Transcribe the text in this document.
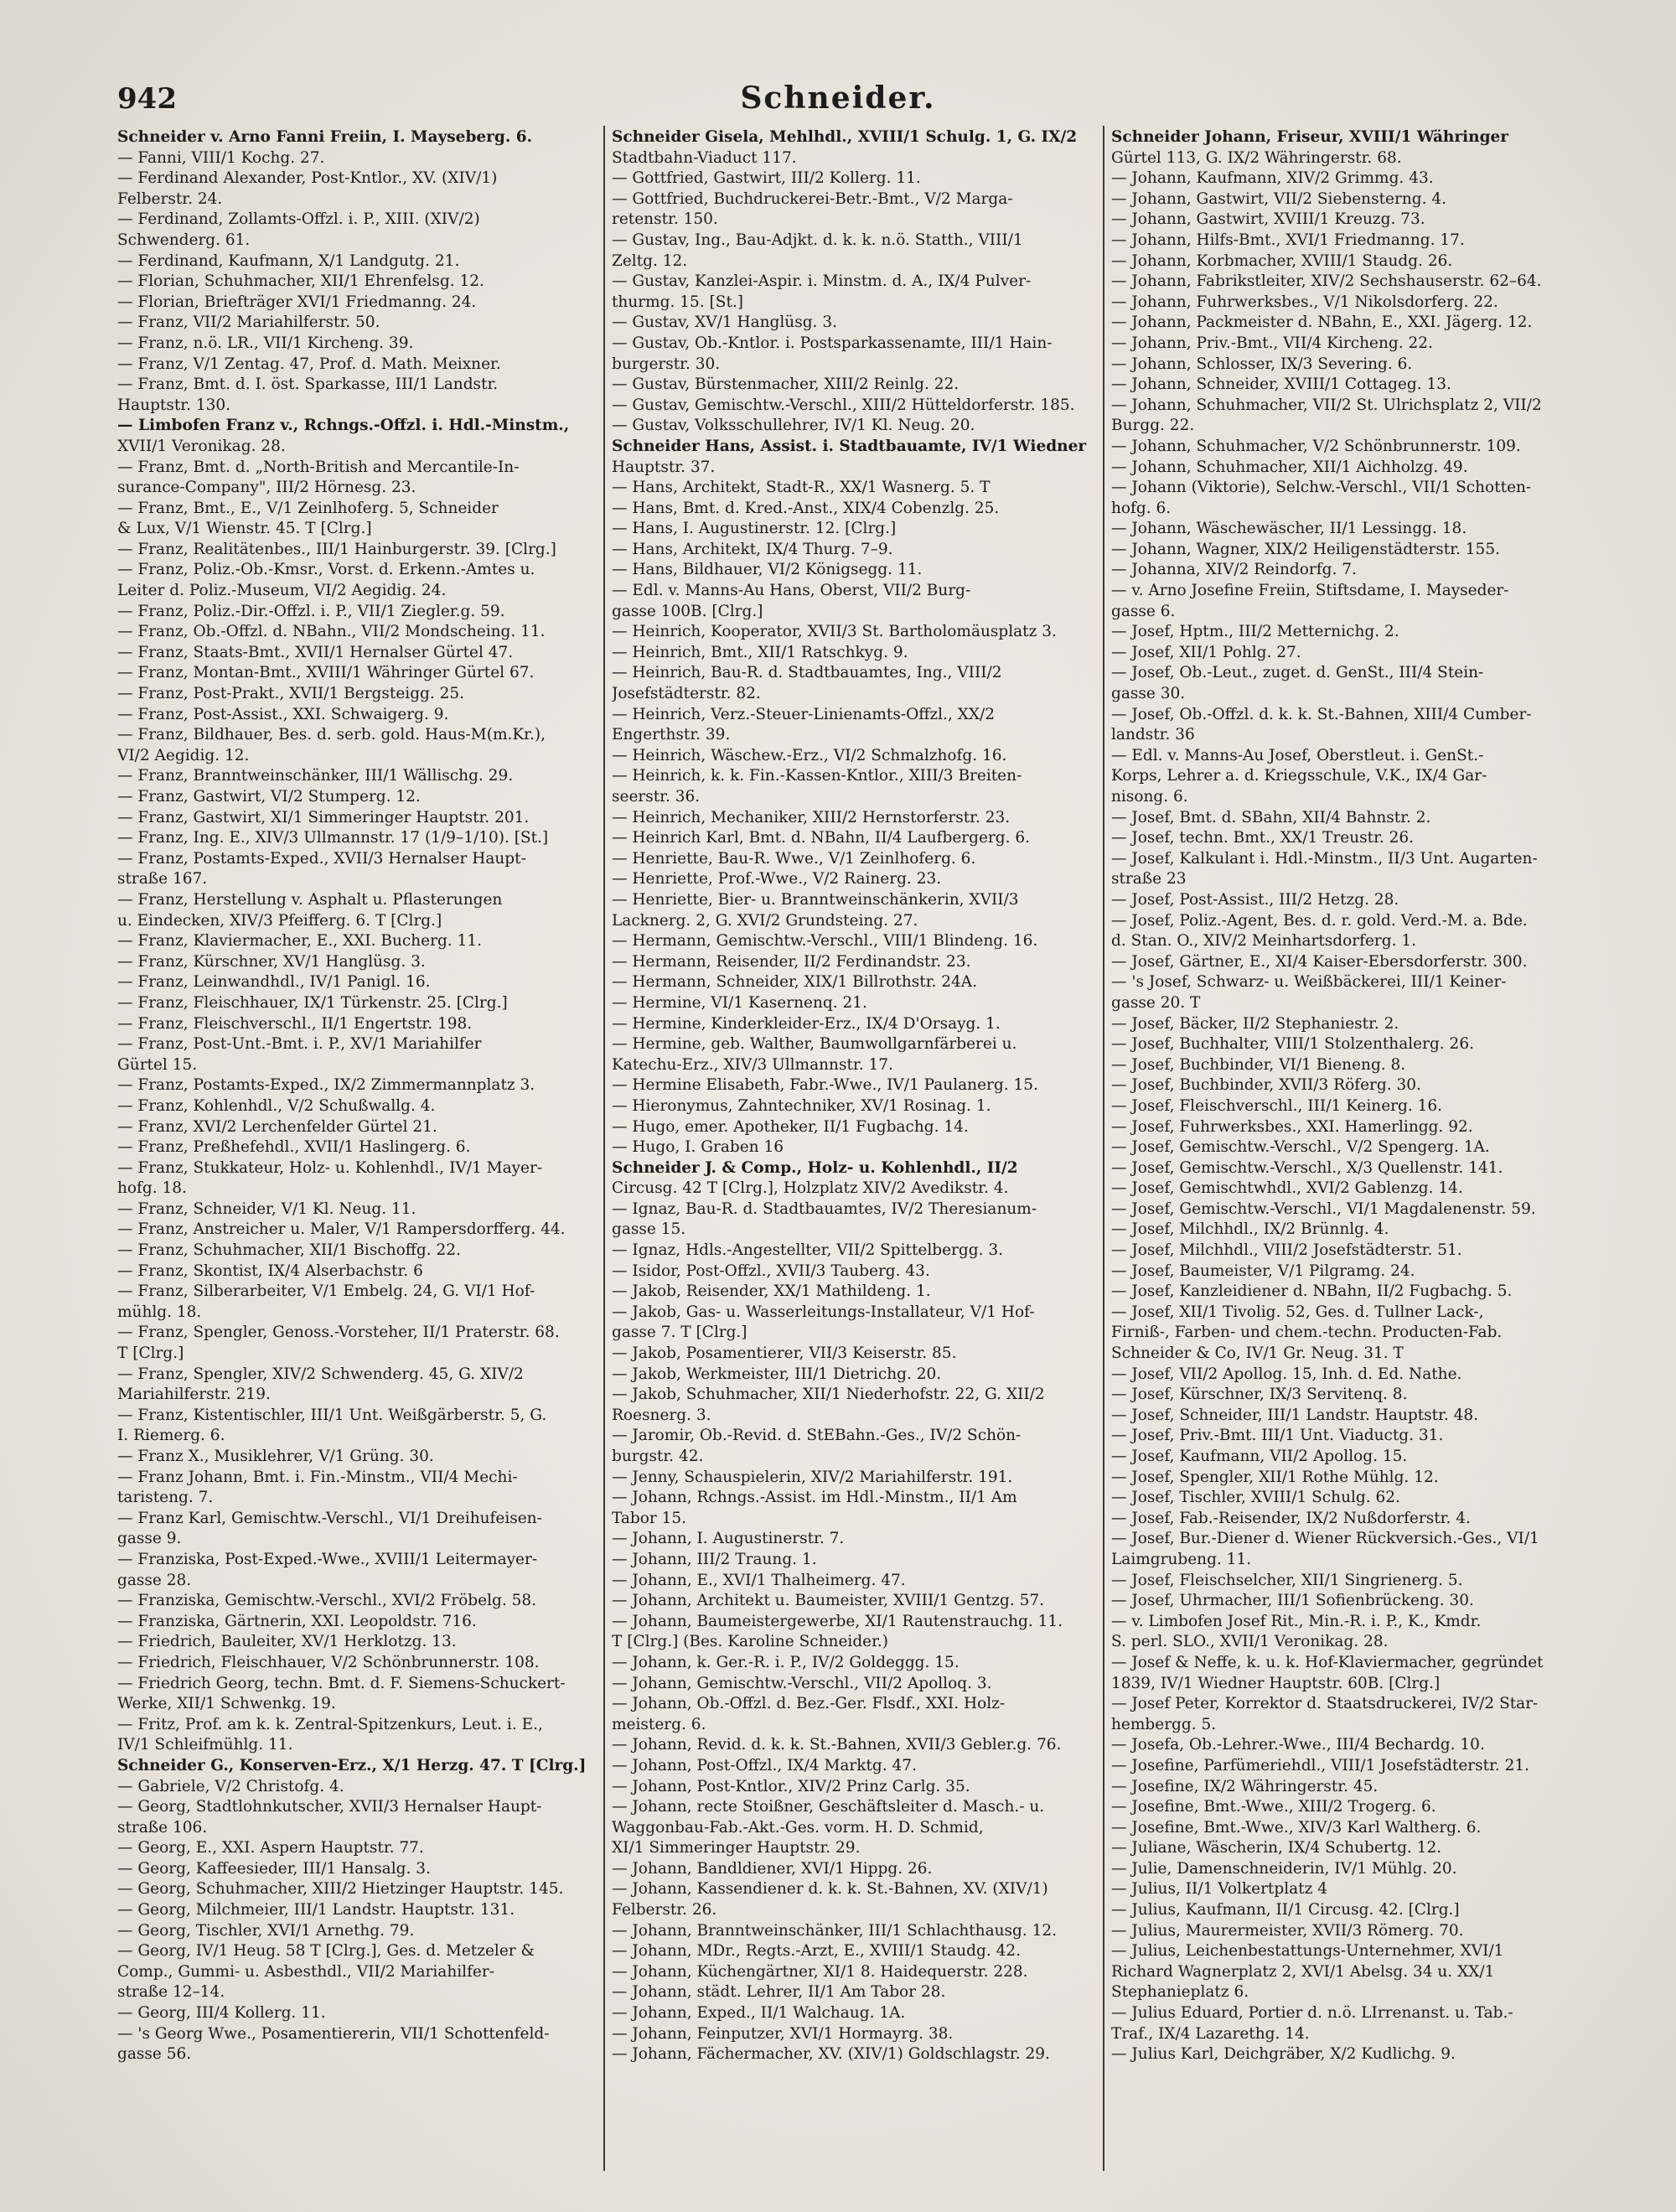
942	Schneider.
Schneider v. Arno Fanni Freiin, I. Mayseberg. 6.
— Fanni, VIII/1 Kochg. 27.
— Ferdinand Alexander, Post-Kntlor., XV. (XIV/1)
Felberstr. 24.
— Ferdinand, Zollamts-Offzl. i. P., XIII. (XIV/2)
Schwenderg. 61.
— Ferdinand, Kaufmann, X/1 Landgutg. 21.
— Florian, Schuhmacher, XII/1 Ehrenfelsg. 12.
— Florian, Briefträger XVI/1 Friedmanng. 24.
— Franz, VII/2 Mariahilferstr. 50.
— Franz, n.ö. LR., VII/1 Kircheng. 39.
— Franz, V/1 Zentag. 47, Prof. d. Math. Meixner.
— Franz, Bmt. d. I. öst. Sparkasse, III/1 Landstr.
Hauptstr. 130.
— Limbofen Franz v., Rchngs.-Offzl. i. Hdl.-Minstm.,
XVII/1 Veronikag. 28.
— Franz, Bmt. d. „North-British and Mercantile-In-
surance-Company", III/2 Hörnesg. 23.
— Franz, Bmt., E., V/1 Zeinlhoferg. 5, Schneider
& Lux, V/1 Wienstr. 45. T [Clrg.]
— Franz, Realitätenbes., III/1 Hainburgerstr. 39. [Clrg.]
— Franz, Poliz.-Ob.-Kmsr., Vorst. d. Erkenn.-Amtes u.
Leiter d. Poliz.-Museum, VI/2 Aegidig. 24.
— Franz, Poliz.-Dir.-Offzl. i. P., VII/1 Ziegler.g. 59.
— Franz, Ob.-Offzl. d. NBahn., VII/2 Mondscheing. 11.
— Franz, Staats-Bmt., XVII/1 Hernalser Gürtel 47.
— Franz, Montan-Bmt., XVIII/1 Währinger Gürtel 67.
— Franz, Post-Prakt., XVII/1 Bergsteigg. 25.
— Franz, Post-Assist., XXI. Schwaigerg. 9.
— Franz, Bildhauer, Bes. d. serb. gold. Haus-M(m.Kr.),
VI/2 Aegidig. 12.
— Franz, Branntweinschänker, III/1 Wällischg. 29.
— Franz, Gastwirt, VI/2 Stumperg. 12.
— Franz, Gastwirt, XI/1 Simmeringer Hauptstr. 201.
— Franz, Ing. E., XIV/3 Ullmannstr. 17 (1/9–1/10). [St.]
— Franz, Postamts-Exped., XVII/3 Hernalser Haupt-
straße 167.
— Franz, Herstellung v. Asphalt u. Pflasterungen
u. Eindecken, XIV/3 Pfeifferg. 6. T [Clrg.]
— Franz, Klaviermacher, E., XXI. Bucherg. 11.
— Franz, Kürschner, XV/1 Hanglüsg. 3.
— Franz, Leinwandhdl., IV/1 Panigl. 16.
— Franz, Fleischhauer, IX/1 Türkenstr. 25. [Clrg.]
— Franz, Fleischverschl., II/1 Engertstr. 198.
— Franz, Post-Unt.-Bmt. i. P., XV/1 Mariahilfer
Gürtel 15.
— Franz, Postamts-Exped., IX/2 Zimmermannplatz 3.
— Franz, Kohlenhdl., V/2 Schußwallg. 4.
— Franz, XVI/2 Lerchenfelder Gürtel 21.
— Franz, Preßhefehdl., XVII/1 Haslingerg. 6.
— Franz, Stukkateur, Holz- u. Kohlenhdl., IV/1 Mayer-
hofg. 18.
— Franz, Schneider, V/1 Kl. Neug. 11.
— Franz, Anstreicher u. Maler, V/1 Rampersdorfferg. 44.
— Franz, Schuhmacher, XII/1 Bischoffg. 22.
— Franz, Skontist, IX/4 Alserbachstr. 6
— Franz, Silberarbeiter, V/1 Embelg. 24, G. VI/1 Hof-
mühlg. 18.
— Franz, Spengler, Genoss.-Vorsteher, II/1 Praterstr. 68.
T [Clrg.]
— Franz, Spengler, XIV/2 Schwenderg. 45, G. XIV/2
Mariahilferstr. 219.
— Franz, Kistentischler, III/1 Unt. Weißgärberstr. 5, G.
I. Riemerg. 6.
— Franz X., Musiklehrer, V/1 Grüng. 30.
— Franz Johann, Bmt. i. Fin.-Minstm., VII/4 Mechi-
taristeng. 7.
— Franz Karl, Gemischtw.-Verschl., VI/1 Dreihufeisen-
gasse 9.
— Franziska, Post-Exped.-Wwe., XVIII/1 Leitermayer-
gasse 28.
— Franziska, Gemischtw.-Verschl., XVI/2 Fröbelg. 58.
— Franziska, Gärtnerin, XXI. Leopoldstr. 716.
— Friedrich, Bauleiter, XV/1 Herklotzg. 13.
— Friedrich, Fleischhauer, V/2 Schönbrunnerstr. 108.
— Friedrich Georg, techn. Bmt. d. F. Siemens-Schuckert-
Werke, XII/1 Schwenkg. 19.
— Fritz, Prof. am k. k. Zentral-Spitzenkurs, Leut. i. E.,
IV/1 Schleifmühlg. 11.
Schneider G., Konserven-Erz., X/1 Herzg. 47. T [Clrg.]
— Gabriele, V/2 Christofg. 4.
— Georg, Stadtlohnkutscher, XVII/3 Hernalser Haupt-
straße 106.
— Georg, E., XXI. Aspern Hauptstr. 77.
— Georg, Kaffeesieder, III/1 Hansalg. 3.
— Georg, Schuhmacher, XIII/2 Hietzinger Hauptstr. 145.
— Georg, Milchmeier, III/1 Landstr. Hauptstr. 131.
— Georg, Tischler, XVI/1 Arnethg. 79.
— Georg, IV/1 Heug. 58 T [Clrg.], Ges. d. Metzeler &
Comp., Gummi- u. Asbesthdl., VII/2 Mariahilfer-
straße 12–14.
— Georg, III/4 Kollerg. 11.
— 's Georg Wwe., Posamentiererin, VII/1 Schottenfeld-
gasse 56.
Schneider Gisela, Mehlhdl., XVIII/1 Schulg. 1, G. IX/2
Stadtbahn-Viaduct 117.
— Gottfried, Gastwirt, III/2 Kollerg. 11.
— Gottfried, Buchdruckerei-Betr.-Bmt., V/2 Marga-
retenstr. 150.
— Gustav, Ing., Bau-Adjkt. d. k. k. n.ö. Statth., VIII/1
Zeltg. 12.
— Gustav, Kanzlei-Aspir. i. Minstm. d. A., IX/4 Pulver-
thurmg. 15. [St.]
— Gustav, XV/1 Hanglüsg. 3.
— Gustav, Ob.-Kntlor. i. Postsparkassenamte, III/1 Hain-
burgerstr. 30.
— Gustav, Bürstenmacher, XIII/2 Reinlg. 22.
— Gustav, Gemischtw.-Verschl., XIII/2 Hütteldorferstr. 185.
— Gustav, Volksschullehrer, IV/1 Kl. Neug. 20.
Schneider Hans, Assist. i. Stadtbauamte, IV/1 Wiedner
Hauptstr. 37.
— Hans, Architekt, Stadt-R., XX/1 Wasnerg. 5. T
— Hans, Bmt. d. Kred.-Anst., XIX/4 Cobenzlg. 25.
— Hans, I. Augustinerstr. 12. [Clrg.]
— Hans, Architekt, IX/4 Thurg. 7–9.
— Hans, Bildhauer, VI/2 Königsegg. 11.
— Edl. v. Manns-Au Hans, Oberst, VII/2 Burg-
gasse 100B. [Clrg.]
— Heinrich, Kooperator, XVII/3 St. Bartholomäusplatz 3.
— Heinrich, Bmt., XII/1 Ratschkyg. 9.
— Heinrich, Bau-R. d. Stadtbauamtes, Ing., VIII/2
Josefstädterstr. 82.
— Heinrich, Verz.-Steuer-Linienamts-Offzl., XX/2
Engerthstr. 39.
— Heinrich, Wäschew.-Erz., VI/2 Schmalzhofg. 16.
— Heinrich, k. k. Fin.-Kassen-Kntlor., XIII/3 Breiten-
seerstr. 36.
— Heinrich, Mechaniker, XIII/2 Hernstorferstr. 23.
— Heinrich Karl, Bmt. d. NBahn, II/4 Laufbergerg. 6.
— Henriette, Bau-R. Wwe., V/1 Zeinlhoferg. 6.
— Henriette, Prof.-Wwe., V/2 Rainerg. 23.
— Henriette, Bier- u. Branntweinschänkerin, XVII/3
Lacknerg. 2, G. XVI/2 Grundsteing. 27.
— Hermann, Gemischtw.-Verschl., VIII/1 Blindeng. 16.
— Hermann, Reisender, II/2 Ferdinandstr. 23.
— Hermann, Schneider, XIX/1 Billrothstr. 24A.
— Hermine, VI/1 Kasernenq. 21.
— Hermine, Kinderkleider-Erz., IX/4 D'Orsayg. 1.
— Hermine, geb. Walther, Baumwollgarnfärberei u.
Katechu-Erz., XIV/3 Ullmannstr. 17.
— Hermine Elisabeth, Fabr.-Wwe., IV/1 Paulanerg. 15.
— Hieronymus, Zahntechniker, XV/1 Rosinag. 1.
— Hugo, emer. Apotheker, II/1 Fugbachg. 14.
— Hugo, I. Graben 16
Schneider J. & Comp., Holz- u. Kohlenhdl., II/2
Circusg. 42 T [Clrg.], Holzplatz XIV/2 Avedikstr. 4.
— Ignaz, Bau-R. d. Stadtbauamtes, IV/2 Theresianum-
gasse 15.
— Ignaz, Hdls.-Angestellter, VII/2 Spittelbergg. 3.
— Isidor, Post-Offzl., XVII/3 Tauberg. 43.
— Jakob, Reisender, XX/1 Mathildeng. 1.
— Jakob, Gas- u. Wasserleitungs-Installateur, V/1 Hof-
gasse 7. T [Clrg.]
— Jakob, Posamentierer, VII/3 Keiserstr. 85.
— Jakob, Werkmeister, III/1 Dietrichg. 20.
— Jakob, Schuhmacher, XII/1 Niederhofstr. 22, G. XII/2
Roesnerg. 3.
— Jaromir, Ob.-Revid. d. StEBahn.-Ges., IV/2 Schön-
burgstr. 42.
— Jenny, Schauspielerin, XIV/2 Mariahilferstr. 191.
— Johann, Rchngs.-Assist. im Hdl.-Minstm., II/1 Am
Tabor 15.
— Johann, I. Augustinerstr. 7.
— Johann, III/2 Traung. 1.
— Johann, E., XVI/1 Thalheimerg. 47.
— Johann, Architekt u. Baumeister, XVIII/1 Gentzg. 57.
— Johann, Baumeistergewerbe, XI/1 Rautenstrauchg. 11.
T [Clrg.] (Bes. Karoline Schneider.)
— Johann, k. Ger.-R. i. P., IV/2 Goldeggg. 15.
— Johann, Gemischtw.-Verschl., VII/2 Apolloq. 3.
— Johann, Ob.-Offzl. d. Bez.-Ger. Flsdf., XXI. Holz-
meisterg. 6.
— Johann, Revid. d. k. k. St.-Bahnen, XVII/3 Gebler.g. 76.
— Johann, Post-Offzl., IX/4 Marktg. 47.
— Johann, Post-Kntlor., XIV/2 Prinz Carlg. 35.
— Johann, recte Stoißner, Geschäftsleiter d. Masch.- u.
Waggonbau-Fab.-Akt.-Ges. vorm. H. D. Schmid,
XI/1 Simmeringer Hauptstr. 29.
— Johann, Bandldiener, XVI/1 Hippg. 26.
— Johann, Kassendiener d. k. k. St.-Bahnen, XV. (XIV/1)
Felberstr. 26.
— Johann, Branntweinschänker, III/1 Schlachthausg. 12.
— Johann, MDr., Regts.-Arzt, E., XVIII/1 Staudg. 42.
— Johann, Küchengärtner, XI/1 8. Haidequerstr. 228.
— Johann, städt. Lehrer, II/1 Am Tabor 28.
— Johann, Exped., II/1 Walchaug. 1A.
— Johann, Feinputzer, XVI/1 Hormayrg. 38.
— Johann, Fächermacher, XV. (XIV/1) Goldschlagstr. 29.
Schneider Johann, Friseur, XVIII/1 Währinger
Gürtel 113, G. IX/2 Währingerstr. 68.
— Johann, Kaufmann, XIV/2 Grimmg. 43.
— Johann, Gastwirt, VII/2 Siebensterng. 4.
— Johann, Gastwirt, XVIII/1 Kreuzg. 73.
— Johann, Hilfs-Bmt., XVI/1 Friedmanng. 17.
— Johann, Korbmacher, XVIII/1 Staudg. 26.
— Johann, Fabrikstleiter, XIV/2 Sechshauserstr. 62–64.
— Johann, Fuhrwerksbes., V/1 Nikolsdorferg. 22.
— Johann, Packmeister d. NBahn, E., XXI. Jägerg. 12.
— Johann, Priv.-Bmt., VII/4 Kircheng. 22.
— Johann, Schlosser, IX/3 Severing. 6.
— Johann, Schneider, XVIII/1 Cottageg. 13.
— Johann, Schuhmacher, VII/2 St. Ulrichsplatz 2, VII/2
Burgg. 22.
— Johann, Schuhmacher, V/2 Schönbrunnerstr. 109.
— Johann, Schuhmacher, XII/1 Aichholzg. 49.
— Johann (Viktorie), Selchw.-Verschl., VII/1 Schotten-
hofg. 6.
— Johann, Wäschewäscher, II/1 Lessingg. 18.
— Johann, Wagner, XIX/2 Heiligenstädterstr. 155.
— Johanna, XIV/2 Reindorfg. 7.
— v. Arno Josefine Freiin, Stiftsdame, I. Mayseder-
gasse 6.
— Josef, Hptm., III/2 Metternichg. 2.
— Josef, XII/1 Pohlg. 27.
— Josef, Ob.-Leut., zuget. d. GenSt., III/4 Stein-
gasse 30.
— Josef, Ob.-Offzl. d. k. k. St.-Bahnen, XIII/4 Cumber-
landstr. 36
— Edl. v. Manns-Au Josef, Oberstleut. i. GenSt.-
Korps, Lehrer a. d. Kriegsschule, V.K., IX/4 Gar-
nisong. 6.
— Josef, Bmt. d. SBahn, XII/4 Bahnstr. 2.
— Josef, techn. Bmt., XX/1 Treustr. 26.
— Josef, Kalkulant i. Hdl.-Minstm., II/3 Unt. Augarten-
straße 23
— Josef, Post-Assist., III/2 Hetzg. 28.
— Josef, Poliz.-Agent, Bes. d. r. gold. Verd.-M. a. Bde.
d. Stan. O., XIV/2 Meinhartsdorferg. 1.
— Josef, Gärtner, E., XI/4 Kaiser-Ebersdorferstr. 300.
— 's Josef, Schwarz- u. Weißbäckerei, III/1 Keiner-
gasse 20. T
— Josef, Bäcker, II/2 Stephaniestr. 2.
— Josef, Buchhalter, VIII/1 Stolzenthalerg. 26.
— Josef, Buchbinder, VI/1 Bieneng. 8.
— Josef, Buchbinder, XVII/3 Röferg. 30.
— Josef, Fleischverschl., III/1 Keinerg. 16.
— Josef, Fuhrwerksbes., XXI. Hamerlingg. 92.
— Josef, Gemischtw.-Verschl., V/2 Spengerg. 1A.
— Josef, Gemischtw.-Verschl., X/3 Quellenstr. 141.
— Josef, Gemischtwhdl., XVI/2 Gablenzg. 14.
— Josef, Gemischtw.-Verschl., VI/1 Magdalenenstr. 59.
— Josef, Milchhdl., IX/2 Brünnlg. 4.
— Josef, Milchhdl., VIII/2 Josefstädterstr. 51.
— Josef, Baumeister, V/1 Pilgramg. 24.
— Josef, Kanzleidiener d. NBahn, II/2 Fugbachg. 5.
— Josef, XII/1 Tivolig. 52, Ges. d. Tullner Lack-,
Firniß-, Farben- und chem.-techn. Producten-Fab.
Schneider & Co, IV/1 Gr. Neug. 31. T
— Josef, VII/2 Apollog. 15, Inh. d. Ed. Nathe.
— Josef, Kürschner, IX/3 Servitenq. 8.
— Josef, Schneider, III/1 Landstr. Hauptstr. 48.
— Josef, Priv.-Bmt. III/1 Unt. Viaductg. 31.
— Josef, Kaufmann, VII/2 Apollog. 15.
— Josef, Spengler, XII/1 Rothe Mühlg. 12.
— Josef, Tischler, XVIII/1 Schulg. 62.
— Josef, Fab.-Reisender, IX/2 Nußdorferstr. 4.
— Josef, Bur.-Diener d. Wiener Rückversich.-Ges., VI/1
Laimgrubeng. 11.
— Josef, Fleischselcher, XII/1 Singrienerg. 5.
— Josef, Uhrmacher, III/1 Sofienbrückeng. 30.
— v. Limbofen Josef Rit., Min.-R. i. P., K., Kmdr.
S. perl. SLO., XVII/1 Veronikag. 28.
— Josef & Neffe, k. u. k. Hof-Klaviermacher, gegründet
1839, IV/1 Wiedner Hauptstr. 60B. [Clrg.]
— Josef Peter, Korrektor d. Staatsdruckerei, IV/2 Star-
hembergg. 5.
— Josefa, Ob.-Lehrer.-Wwe., III/4 Bechardg. 10.
— Josefine, Parfümeriehdl., VIII/1 Josefstädterstr. 21.
— Josefine, IX/2 Währingerstr. 45.
— Josefine, Bmt.-Wwe., XIII/2 Trogerg. 6.
— Josefine, Bmt.-Wwe., XIV/3 Karl Waltherg. 6.
— Juliane, Wäscherin, IX/4 Schubertg. 12.
— Julie, Damenschneiderin, IV/1 Mühlg. 20.
— Julius, II/1 Volkertplatz 4
— Julius, Kaufmann, II/1 Circusg. 42. [Clrg.]
— Julius, Maurermeister, XVII/3 Römerg. 70.
— Julius, Leichenbestattungs-Unternehmer, XVI/1
Richard Wagnerplatz 2, XVI/1 Abelsg. 34 u. XX/1
Stephanieplatz 6.
— Julius Eduard, Portier d. n.ö. LIrrenanst. u. Tab.-
Traf., IX/4 Lazarethg. 14.
— Julius Karl, Deichgräber, X/2 Kudlichg. 9.
